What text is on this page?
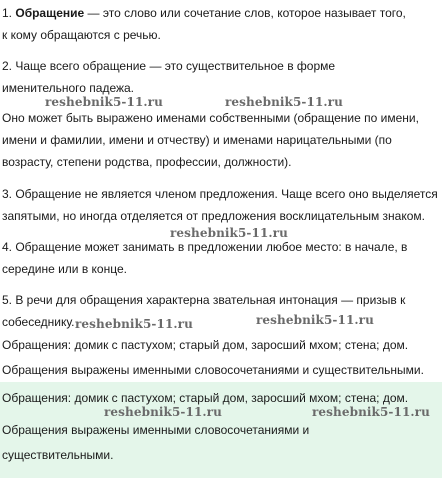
1. Обращение — это слово или сочетание слов, которое называет того, к кому обращаются с речью.
2. Чаще всего обращение — это существительное в форме именительного падежа.
Оно может быть выражено именами собственными (обращение по имени, имени и фамилии, имени и отчеству) и именами нарицательными (по возрасту, степени родства, профессии, должности).
3. Обращение не является членом предложения. Чаще всего оно выделяется запятыми, но иногда отделяется от предложения восклицательным знаком.
4. Обращение может занимать в предложении любое место: в начале, в середине или в конце.
5. В речи для обращения характерна звательная интонация — призыв к собеседнику.
Обращения: домик с пастухом; старый дом, заросший мхом; стена; дом.
Обращения выражены именными словосочетаниями и существительными.
Обращения: домик с пастухом; старый дом, заросший мхом; стена; дом.
Обращения выражены именными словосочетаниями и
существительными.
reshebnik5-11.ru	reshebnik5-11.ru
reshebnik5-11.ru
reshebnik5-11.ru	reshebnik5-11.ru
reshebnik5-11.ru	reshebnik5-11.ru
